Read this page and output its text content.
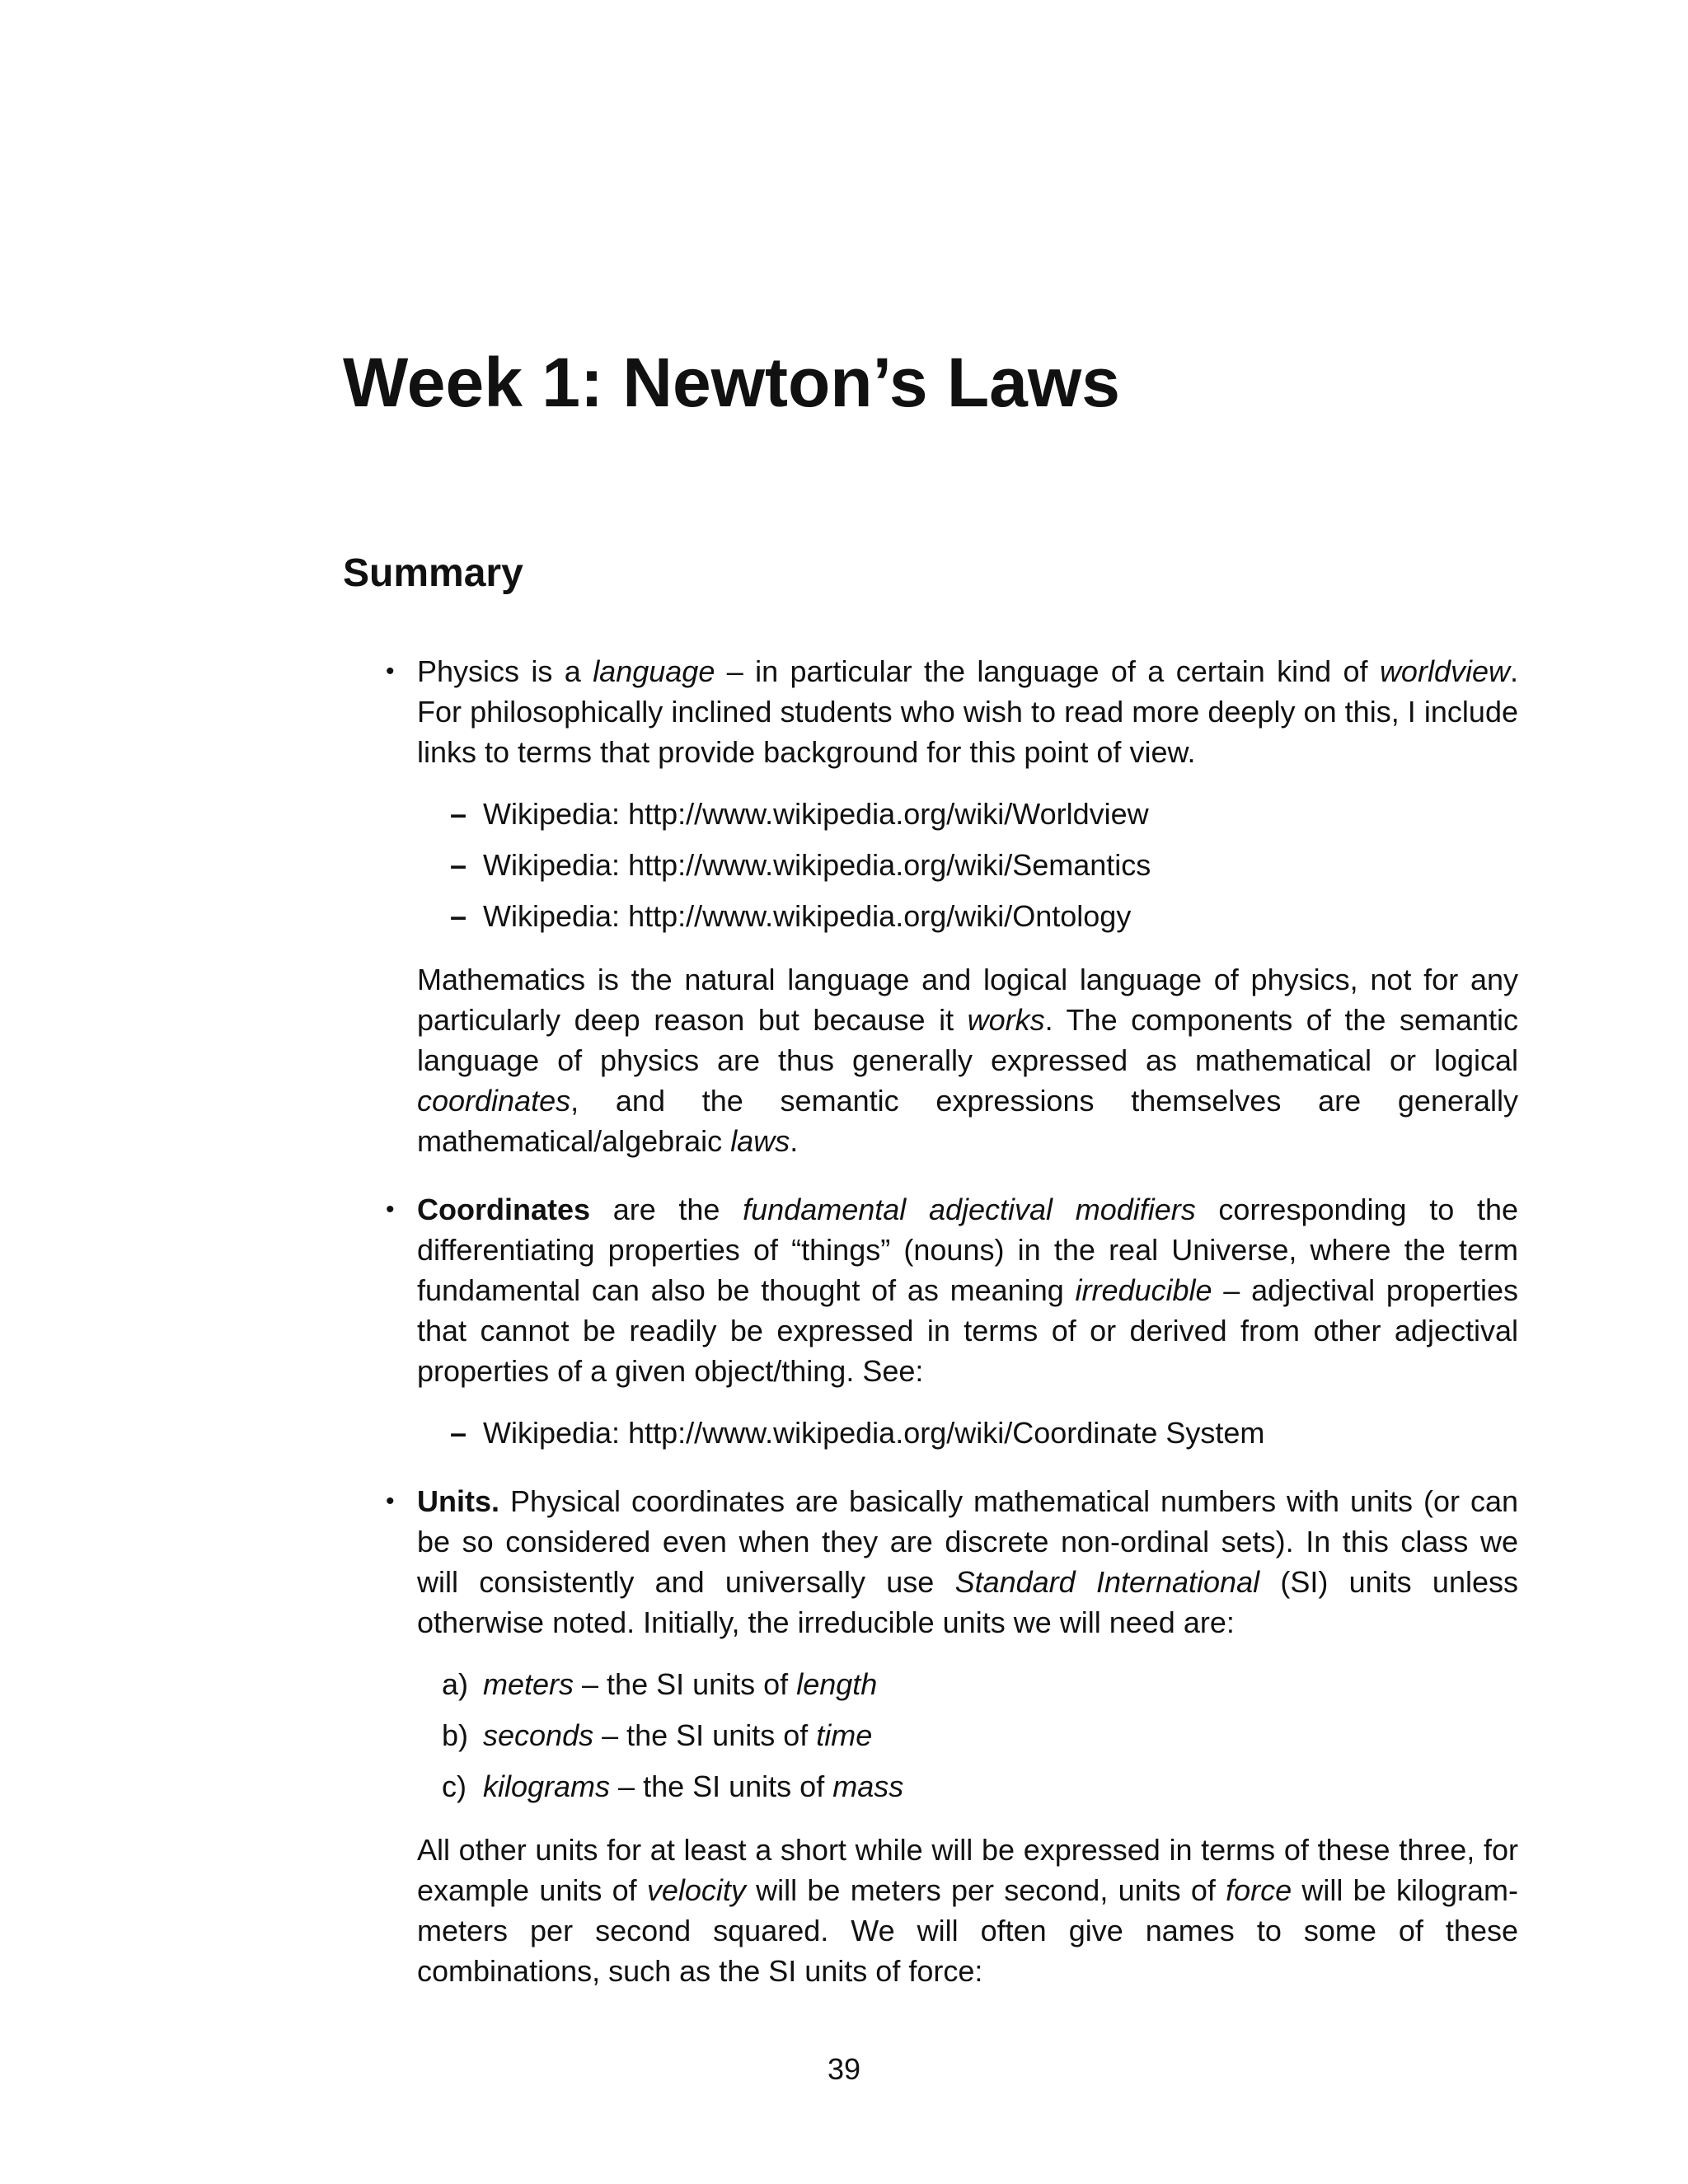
Week 1: Newton’s Laws
Summary
• Physics is a language – in particular the language of a certain kind of worldview. For philosophically inclined students who wish to read more deeply on this, I include links to terms that provide background for this point of view.

– Wikipedia: http://www.wikipedia.org/wiki/Worldview
– Wikipedia: http://www.wikipedia.org/wiki/Semantics
– Wikipedia: http://www.wikipedia.org/wiki/Ontology

Mathematics is the natural language and logical language of physics, not for any particularly deep reason but because it works. The components of the semantic language of physics are thus generally expressed as mathematical or logical coordinates, and the semantic expressions themselves are generally mathematical/algebraic laws.

• Coordinates are the fundamental adjectival modifiers corresponding to the differentiating properties of “things” (nouns) in the real Universe, where the term fundamental can also be thought of as meaning irreducible – adjectival properties that cannot be readily be expressed in terms of or derived from other adjectival properties of a given object/thing. See:

– Wikipedia: http://www.wikipedia.org/wiki/Coordinate System
• Units. Physical coordinates are basically mathematical numbers with units (or can be so considered even when they are discrete non-ordinal sets). In this class we will consistently and universally use Standard International (SI) units unless otherwise noted. Initially, the irreducible units we will need are:

a) meters – the SI units of length
b) seconds – the SI units of time
c) kilograms – the SI units of mass

All other units for at least a short while will be expressed in terms of these three, for example units of velocity will be meters per second, units of force will be kilogram-meters per second squared. We will often give names to some of these combinations, such as the SI units of force:

39
